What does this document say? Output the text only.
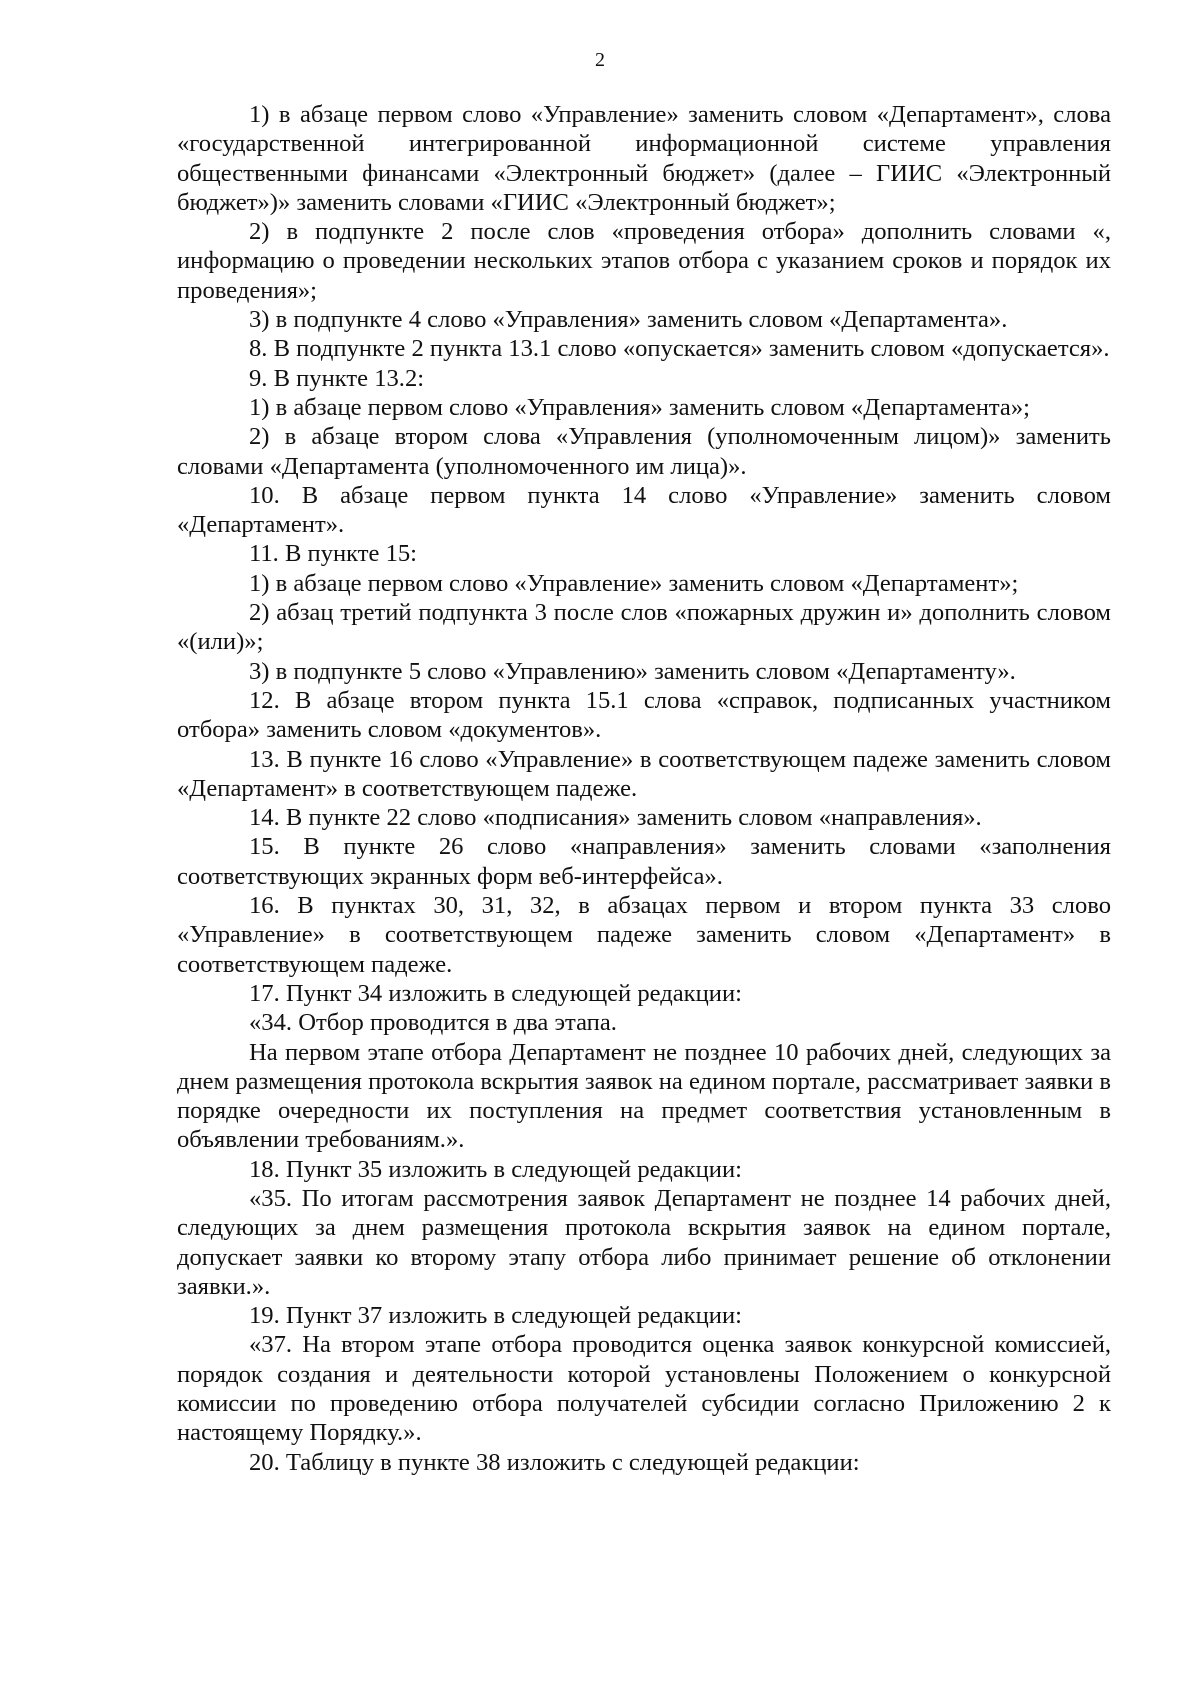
2

1) в абзаце первом слово «Управление» заменить словом «Департамент», слова «государственной интегрированной информационной системе управления общественными финансами «Электронный бюджет» (далее – ГИИС «Электронный бюджет»)» заменить словами «ГИИС «Электронный бюджет»;

2) в подпункте 2 после слов «проведения отбора» дополнить словами «, информацию о проведении нескольких этапов отбора с указанием сроков и порядок их проведения»;

3) в подпункте 4 слово «Управления» заменить словом «Департамента».

8. В подпункте 2 пункта 13.1 слово «опускается» заменить словом «допускается».

9. В пункте 13.2:

1) в абзаце первом слово «Управления» заменить словом «Департамента»;

2) в абзаце втором слова «Управления (уполномоченным лицом)» заменить словами «Департамента (уполномоченного им лица)».

10. В абзаце первом пункта 14 слово «Управление» заменить словом «Департамент».

11. В пункте 15:

1) в абзаце первом слово «Управление» заменить словом «Департамент»;

2) абзац третий подпункта 3 после слов «пожарных дружин и» дополнить словом «(или)»;

3) в подпункте 5 слово «Управлению» заменить словом «Департаменту».

12. В абзаце втором пункта 15.1 слова «справок, подписанных участником отбора» заменить словом «документов».

13. В пункте 16 слово «Управление» в соответствующем падеже заменить словом «Департамент» в соответствующем падеже.

14. В пункте 22 слово «подписания» заменить словом «направления».

15. В пункте 26 слово «направления» заменить словами «заполнения соответствующих экранных форм веб-интерфейса».

16. В пунктах 30, 31, 32, в абзацах первом и втором пункта 33 слово «Управление» в соответствующем падеже заменить словом «Департамент» в соответствующем падеже.

17. Пункт 34 изложить в следующей редакции:

«34. Отбор проводится в два этапа.

На первом этапе отбора Департамент не позднее 10 рабочих дней, следующих за днем размещения протокола вскрытия заявок на едином портале, рассматривает заявки в порядке очередности их поступления на предмет соответствия установленным в объявлении требованиям.».

18. Пункт 35 изложить в следующей редакции:

«35. По итогам рассмотрения заявок Департамент не позднее 14 рабочих дней, следующих за днем размещения протокола вскрытия заявок на едином портале, допускает заявки ко второму этапу отбора либо принимает решение об отклонении заявки.».

19. Пункт 37 изложить в следующей редакции:

«37. На втором этапе отбора проводится оценка заявок конкурсной комиссией, порядок создания и деятельности которой установлены Положением о конкурсной комиссии по проведению отбора получателей субсидии согласно Приложению 2 к настоящему Порядку.».

20. Таблицу в пункте 38 изложить с следующей редакции:
